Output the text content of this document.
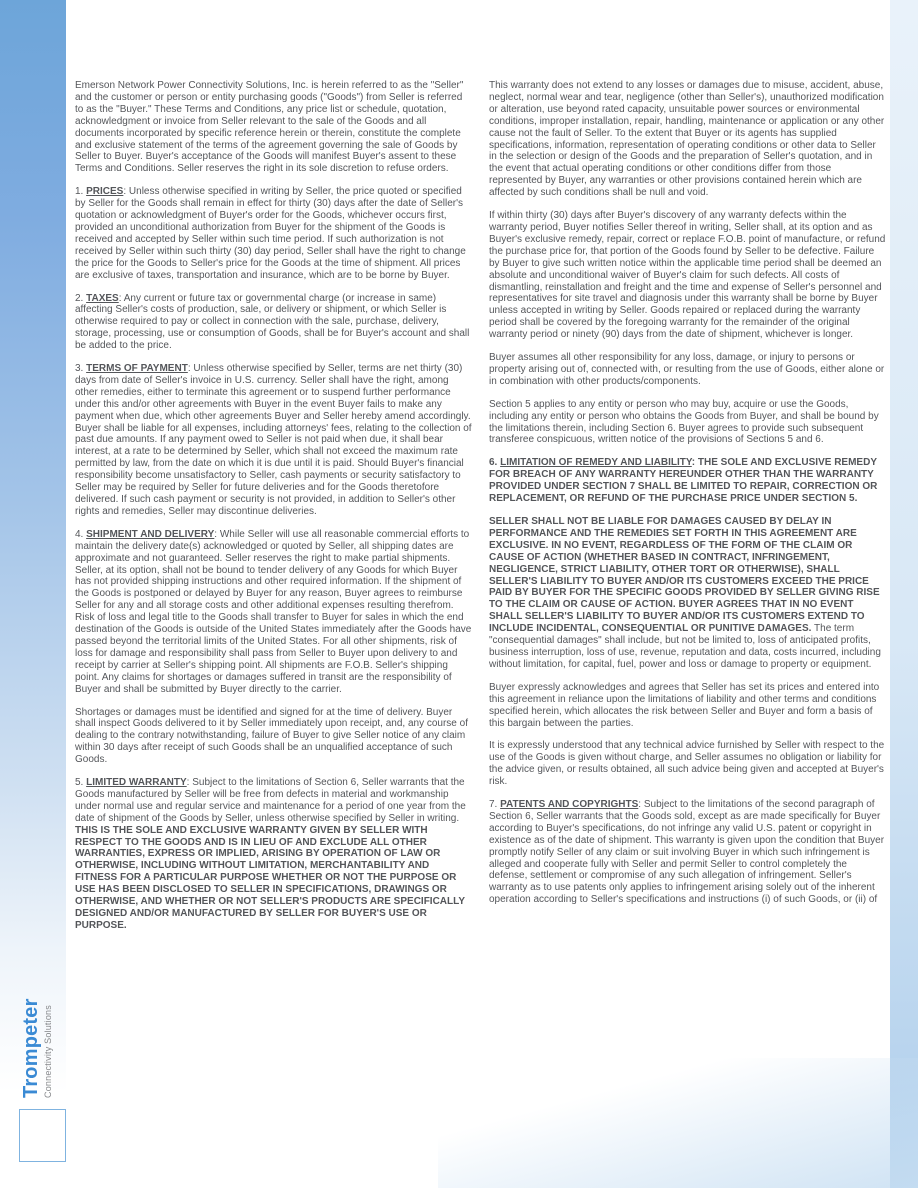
Emerson Network Power Connectivity Solutions, Inc. is herein referred to as the "Seller" and the customer or person or entity purchasing goods ("Goods") from Seller is referred to as the "Buyer." These Terms and Conditions, any price list or schedule, quotation, acknowledgment or invoice from Seller relevant to the sale of the Goods and all documents incorporated by specific reference herein or therein, constitute the complete and exclusive statement of the terms of the agreement governing the sale of Goods by Seller to Buyer. Buyer's acceptance of the Goods will manifest Buyer's assent to these Terms and Conditions. Seller reserves the right in its sole discretion to refuse orders.

1. PRICES: Unless otherwise specified in writing by Seller, the price quoted or specified by Seller for the Goods shall remain in effect for thirty (30) days after the date of Seller's quotation or acknowledgment of Buyer's order for the Goods, whichever occurs first, provided an unconditional authorization from Buyer for the shipment of the Goods is received and accepted by Seller within such time period. If such authorization is not received by Seller within such thirty (30) day period, Seller shall have the right to change the price for the Goods to Seller's price for the Goods at the time of shipment. All prices are exclusive of taxes, transportation and insurance, which are to be borne by Buyer.

2. TAXES: Any current or future tax or governmental charge (or increase in same) affecting Seller's costs of production, sale, or delivery or shipment, or which Seller is otherwise required to pay or collect in connection with the sale, purchase, delivery, storage, processing, use or consumption of Goods, shall be for Buyer's account and shall be added to the price.

3. TERMS OF PAYMENT: Unless otherwise specified by Seller, terms are net thirty (30) days from date of Seller's invoice in U.S. currency. Seller shall have the right, among other remedies, either to terminate this agreement or to suspend further performance under this and/or other agreements with Buyer in the event Buyer fails to make any payment when due, which other agreements Buyer and Seller hereby amend accordingly. Buyer shall be liable for all expenses, including attorneys' fees, relating to the collection of past due amounts. If any payment owed to Seller is not paid when due, it shall bear interest, at a rate to be determined by Seller, which shall not exceed the maximum rate permitted by law, from the date on which it is due until it is paid. Should Buyer's financial responsibility become unsatisfactory to Seller, cash payments or security satisfactory to Seller may be required by Seller for future deliveries and for the Goods theretofore delivered. If such cash payment or security is not provided, in addition to Seller's other rights and remedies, Seller may discontinue deliveries.

4. SHIPMENT AND DELIVERY: While Seller will use all reasonable commercial efforts to maintain the delivery date(s) acknowledged or quoted by Seller, all shipping dates are approximate and not guaranteed. Seller reserves the right to make partial shipments. Seller, at its option, shall not be bound to tender delivery of any Goods for which Buyer has not provided shipping instructions and other required information. If the shipment of the Goods is postponed or delayed by Buyer for any reason, Buyer agrees to reimburse Seller for any and all storage costs and other additional expenses resulting therefrom. Risk of loss and legal title to the Goods shall transfer to Buyer for sales in which the end destination of the Goods is outside of the United States immediately after the Goods have passed beyond the territorial limits of the United States. For all other shipments, risk of loss for damage and responsibility shall pass from Seller to Buyer upon delivery to and receipt by carrier at Seller's shipping point. All shipments are F.O.B. Seller's shipping point. Any claims for shortages or damages suffered in transit are the responsibility of Buyer and shall be submitted by Buyer directly to the carrier.

Shortages or damages must be identified and signed for at the time of delivery. Buyer shall inspect Goods delivered to it by Seller immediately upon receipt, and, any course of dealing to the contrary notwithstanding, failure of Buyer to give Seller notice of any claim within 30 days after receipt of such Goods shall be an unqualified acceptance of such Goods.

5. LIMITED WARRANTY: Subject to the limitations of Section 6, Seller warrants that the Goods manufactured by Seller will be free from defects in material and workmanship under normal use and regular service and maintenance for a period of one year from the date of shipment of the Goods by Seller, unless otherwise specified by Seller in writing. THIS IS THE SOLE AND EXCLUSIVE WARRANTY GIVEN BY SELLER WITH RESPECT TO THE GOODS AND IS IN LIEU OF AND EXCLUDE ALL OTHER WARRANTIES, EXPRESS OR IMPLIED, ARISING BY OPERATION OF LAW OR OTHERWISE, INCLUDING WITHOUT LIMITATION, MERCHANTABILITY AND FITNESS FOR A PARTICULAR PURPOSE WHETHER OR NOT THE PURPOSE OR USE HAS BEEN DISCLOSED TO SELLER IN SPECIFICATIONS, DRAWINGS OR OTHERWISE, AND WHETHER OR NOT SELLER'S PRODUCTS ARE SPECIFICALLY DESIGNED AND/OR MANUFACTURED BY SELLER FOR BUYER'S USE OR PURPOSE.

This warranty does not extend to any losses or damages due to misuse, accident, abuse, neglect, normal wear and tear, negligence (other than Seller's), unauthorized modification or alteration, use beyond rated capacity, unsuitable power sources or environmental conditions, improper installation, repair, handling, maintenance or application or any other cause not the fault of Seller. To the extent that Buyer or its agents has supplied specifications, information, representation of operating conditions or other data to Seller in the selection or design of the Goods and the preparation of Seller's quotation, and in the event that actual operating conditions or other conditions differ from those represented by Buyer, any warranties or other provisions contained herein which are affected by such conditions shall be null and void.

If within thirty (30) days after Buyer's discovery of any warranty defects within the warranty period, Buyer notifies Seller thereof in writing, Seller shall, at its option and as Buyer's exclusive remedy, repair, correct or replace F.O.B. point of manufacture, or refund the purchase price for, that portion of the Goods found by Seller to be defective. Failure by Buyer to give such written notice within the applicable time period shall be deemed an absolute and unconditional waiver of Buyer's claim for such defects. All costs of dismantling, reinstallation and freight and the time and expense of Seller's personnel and representatives for site travel and diagnosis under this warranty shall be borne by Buyer unless accepted in writing by Seller. Goods repaired or replaced during the warranty period shall be covered by the foregoing warranty for the remainder of the original warranty period or ninety (90) days from the date of shipment, whichever is longer.

Buyer assumes all other responsibility for any loss, damage, or injury to persons or property arising out of, connected with, or resulting from the use of Goods, either alone or in combination with other products/components.

Section 5 applies to any entity or person who may buy, acquire or use the Goods, including any entity or person who obtains the Goods from Buyer, and shall be bound by the limitations therein, including Section 6. Buyer agrees to provide such subsequent transferee conspicuous, written notice of the provisions of Sections 5 and 6.

6. LIMITATION OF REMEDY AND LIABILITY: THE SOLE AND EXCLUSIVE REMEDY FOR BREACH OF ANY WARRANTY HEREUNDER OTHER THAN THE WARRANTY PROVIDED UNDER SECTION 7 SHALL BE LIMITED TO REPAIR, CORRECTION OR REPLACEMENT, OR REFUND OF THE PURCHASE PRICE UNDER SECTION 5.

SELLER SHALL NOT BE LIABLE FOR DAMAGES CAUSED BY DELAY IN PERFORMANCE AND THE REMEDIES SET FORTH IN THIS AGREEMENT ARE EXCLUSIVE. IN NO EVENT, REGARDLESS OF THE FORM OF THE CLAIM OR CAUSE OF ACTION (WHETHER BASED IN CONTRACT, INFRINGEMENT, NEGLIGENCE, STRICT LIABILITY, OTHER TORT OR OTHERWISE), SHALL SELLER'S LIABILITY TO BUYER AND/OR ITS CUSTOMERS EXCEED THE PRICE PAID BY BUYER FOR THE SPECIFIC GOODS PROVIDED BY SELLER GIVING RISE TO THE CLAIM OR CAUSE OF ACTION. BUYER AGREES THAT IN NO EVENT SHALL SELLER'S LIABILITY TO BUYER AND/OR ITS CUSTOMERS EXTEND TO INCLUDE INCIDENTAL, CONSEQUENTIAL OR PUNITIVE DAMAGES. The term "consequential damages" shall include, but not be limited to, loss of anticipated profits, business interruption, loss of use, revenue, reputation and data, costs incurred, including without limitation, for capital, fuel, power and loss or damage to property or equipment.

Buyer expressly acknowledges and agrees that Seller has set its prices and entered into this agreement in reliance upon the limitations of liability and other terms and conditions specified herein, which allocates the risk between Seller and Buyer and form a basis of this bargain between the parties.

It is expressly understood that any technical advice furnished by Seller with respect to the use of the Goods is given without charge, and Seller assumes no obligation or liability for the advice given, or results obtained, all such advice being given and accepted at Buyer's risk.

7. PATENTS AND COPYRIGHTS: Subject to the limitations of the second paragraph of Section 6, Seller warrants that the Goods sold, except as are made specifically for Buyer according to Buyer's specifications, do not infringe any valid U.S. patent or copyright in existence as of the date of shipment. This warranty is given upon the condition that Buyer promptly notify Seller of any claim or suit involving Buyer in which such infringement is alleged and cooperate fully with Seller and permit Seller to control completely the defense, settlement or compromise of any such allegation of infringement. Seller's warranty as to use patents only applies to infringement arising solely out of the inherent operation according to Seller's specifications and instructions (i) of such Goods, or (ii) of

Trompeter Connectivity Solutions
